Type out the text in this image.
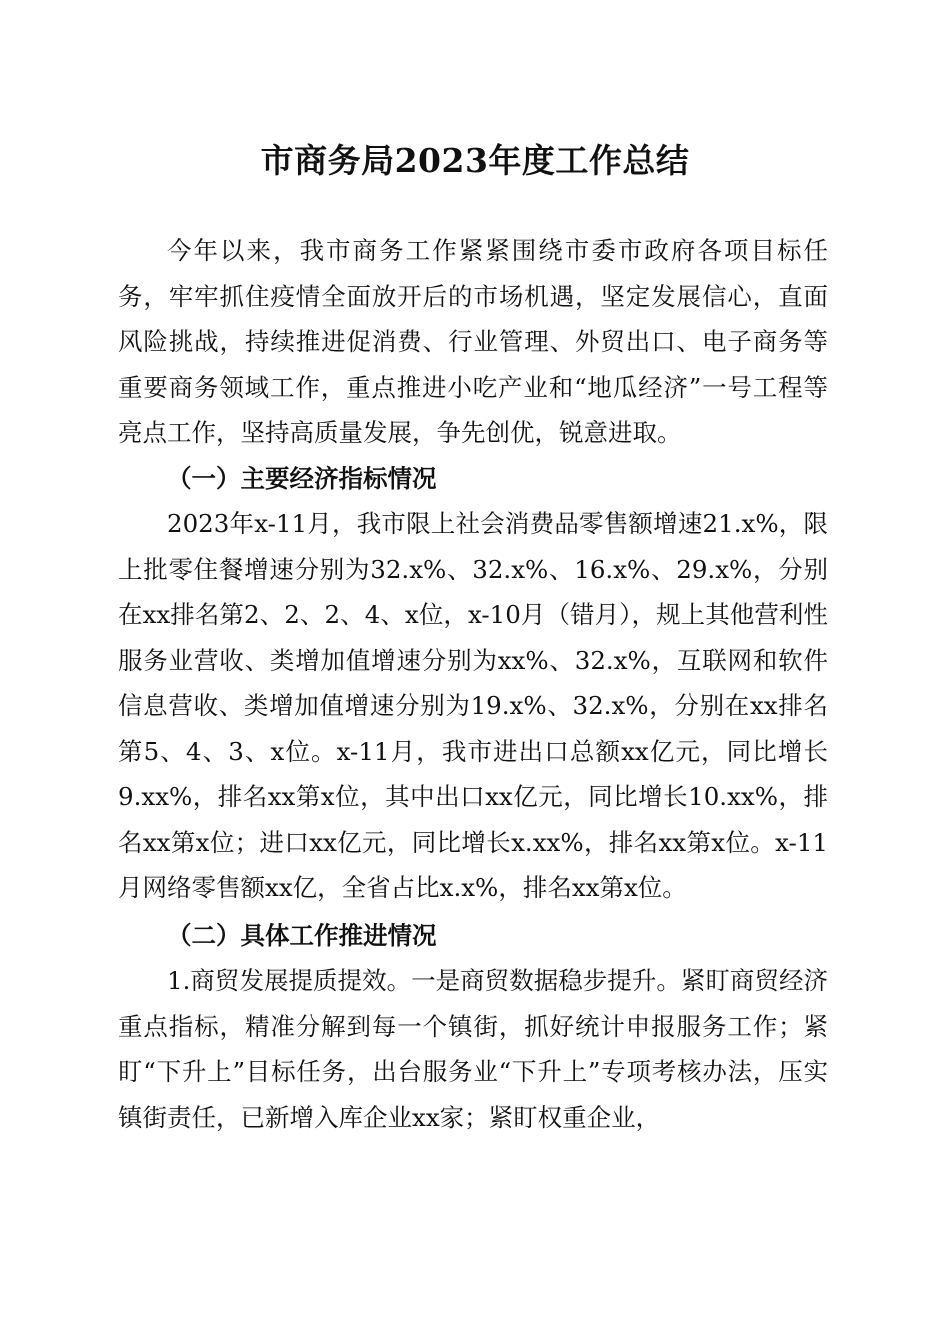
市商务局2023年度工作总结

今年以来，我市商务工作紧紧围绕市委市政府各项目标任务，牢牢抓住疫情全面放开后的市场机遇，坚定发展信心，直面风险挑战，持续推进促消费、行业管理、外贸出口、电子商务等重要商务领域工作，重点推进小吃产业和“地瓜经济”一号工程等亮点工作，坚持高质量发展，争先创优，锐意进取。

（一）主要经济指标情况

2023年x-11月，我市限上社会消费品零售额增速21.x%，限上批零住餐增速分别为32.x%、32.x%、16.x%、29.x%，分别在xx排名第2、2、2、4、x位，x-10月（错月），规上其他营利性服务业营收、类增加值增速分别为xx%、32.x%，互联网和软件信息营收、类增加值增速分别为19.x%、32.x%，分别在xx排名第5、4、3、x位。x-11月，我市进出口总额xx亿元，同比增长9.xx%，排名xx第x位，其中出口xx亿元，同比增长10.xx%，排名xx第x位；进口xx亿元，同比增长x.xx%，排名xx第x位。x-11月网络零售额xx亿，全省占比x.x%，排名xx第x位。

（二）具体工作推进情况

1.商贸发展提质提效。一是商贸数据稳步提升。紧盯商贸经济重点指标，精准分解到每一个镇街，抓好统计申报服务工作；紧盯“下升上”目标任务，出台服务业“下升上”专项考核办法，压实镇街责任，已新增入库企业xx家；紧盯权重企业，
